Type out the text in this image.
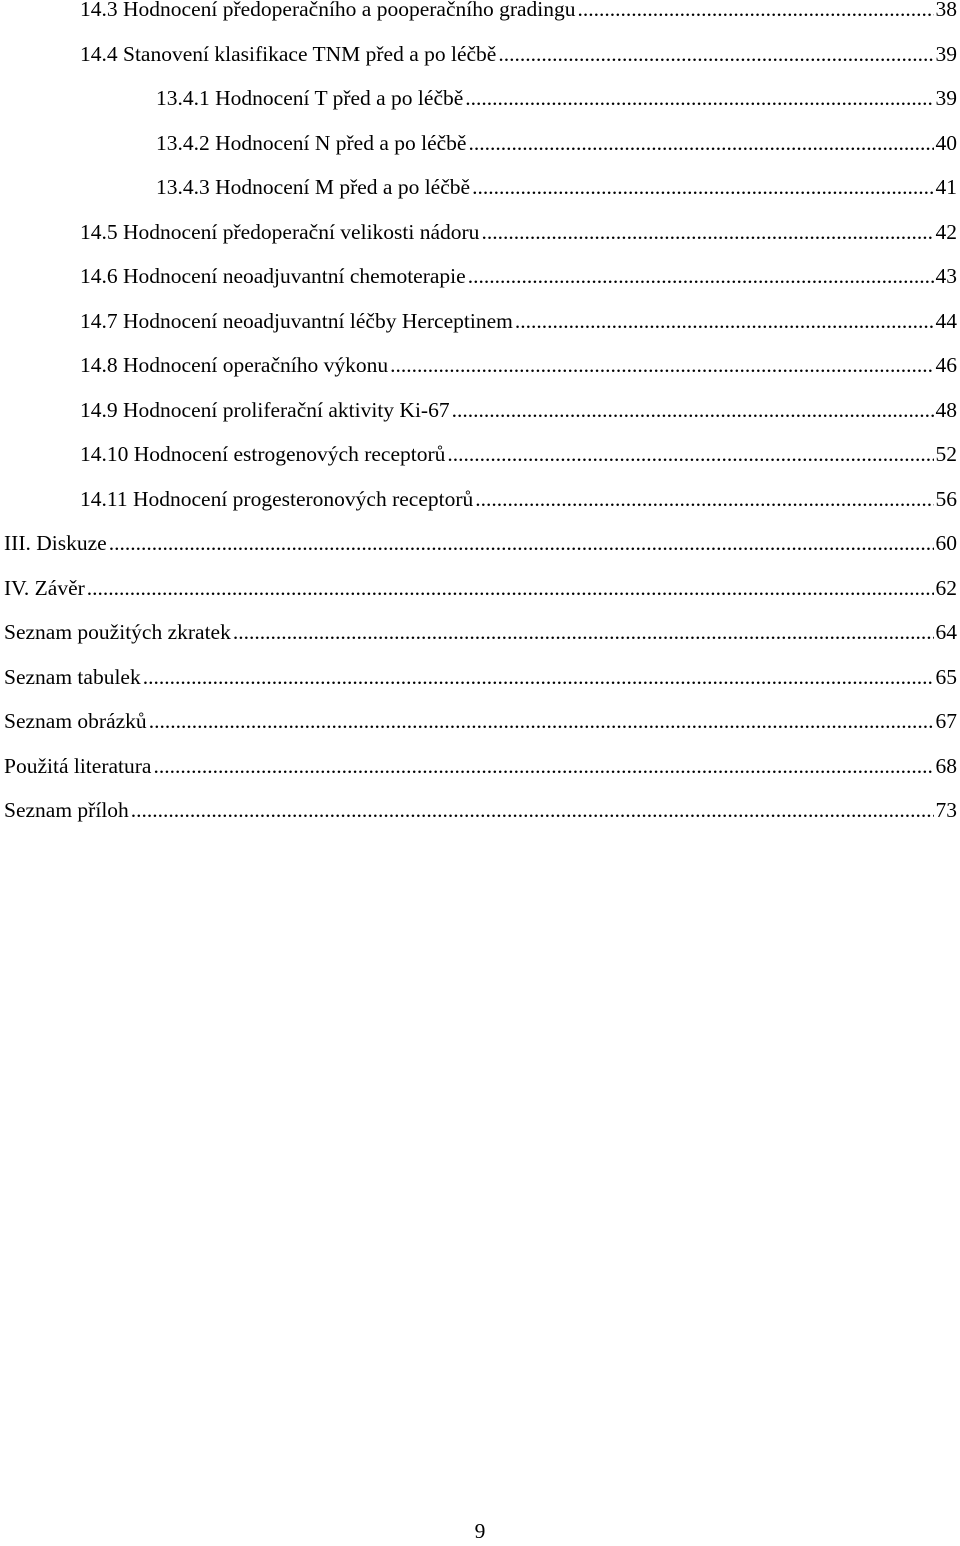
14.3 Hodnocení předoperačního a pooperačního gradingu .....	38
14.4 Stanovení klasifikace TNM před a po léčbě .....	39
13.4.1 Hodnocení T před a po léčbě .....	39
13.4.2 Hodnocení N před a po léčbě .....	40
13.4.3 Hodnocení M před a po léčbě .....	41
14.5 Hodnocení předoperační velikosti nádoru .....	42
14.6 Hodnocení neoadjuvantní chemoterapie .....	43
14.7 Hodnocení neoadjuvantní léčby Herceptinem .....	44
14.8 Hodnocení operačního výkonu .....	46
14.9 Hodnocení proliferační aktivity Ki-67 .....	48
14.10 Hodnocení estrogenových receptorů .....	52
14.11 Hodnocení progesteronových receptorů .....	56
III. Diskuze .....	60
IV. Závěr .....	62
Seznam použitých zkratek .....	64
Seznam tabulek .....	65
Seznam obrázků .....	67
Použitá literatura .....	68
Seznam příloh .....	73
9
